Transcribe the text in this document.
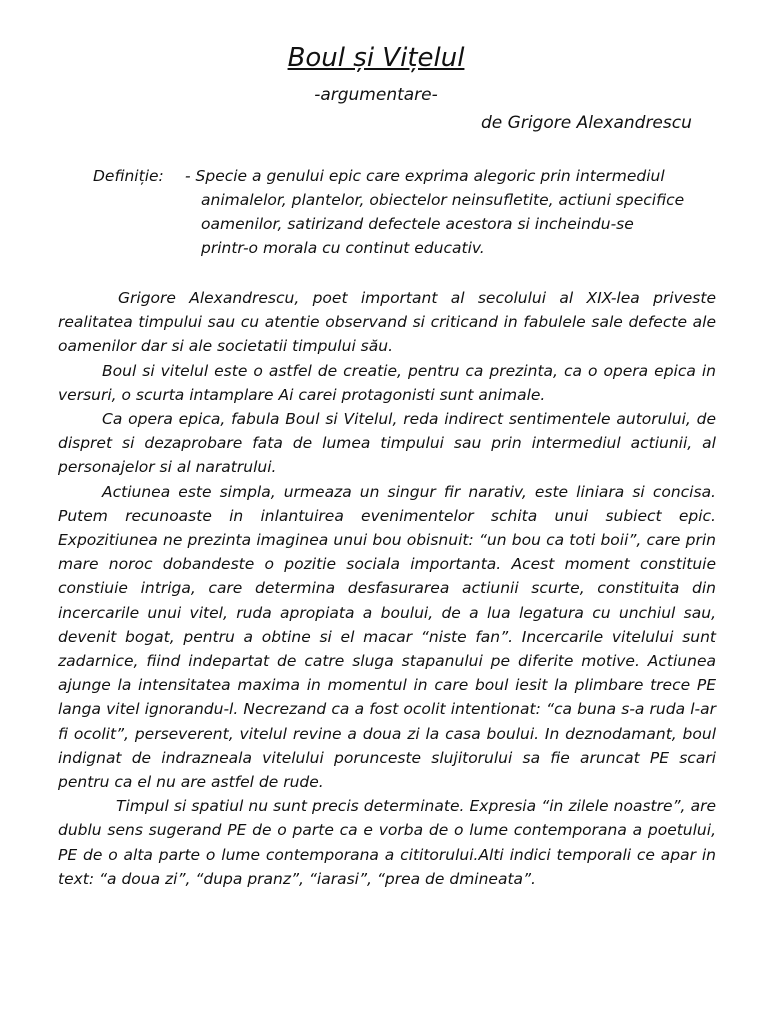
Boul și Vițelul
-argumentare-
de Grigore Alexandrescu
Definiție: - Specie a genului epic care exprima alegoric prin intermediul
animalelor, plantelor, obiectelor neinsufletite, actiuni specifice
oamenilor, satirizand defectele acestora si incheindu-se
printr-o morala cu continut educativ.

Grigore Alexandrescu, poet important al secolului al XIX-lea priveste realitatea timpului sau cu atentie observand si criticand in fabulele sale defecte ale oamenilor dar si ale societatii timpului său.

Boul si vitelul este o astfel de creatie, pentru ca prezinta, ca o opera epica in versuri, o scurta intamplare Ai carei protagonisti sunt animale.

Ca opera epica, fabula Boul si Vitelul, reda indirect sentimentele autorului, de dispret si dezaprobare fata de lumea timpului sau prin intermediul actiunii, al personajelor si al naratrului.

Actiunea este simpla, urmeaza un singur fir narativ, este liniara si concisa. Putem recunoaste in inlantuirea evenimentelor schita unui subiect epic. Expozitiunea ne prezinta imaginea unui bou obisnuit: “un bou ca toti boii”, care prin mare noroc dobandeste o pozitie sociala importanta. Acest moment constituie constiuie intriga, care determina desfasurarea actiunii scurte, constituita din incercarile unui vitel, ruda apropiata a boului, de a lua legatura cu unchiul sau, devenit bogat, pentru a obtine si el macar “niste fan”. Incercarile vitelului sunt zadarnice, fiind indepartat de catre sluga stapanului pe diferite motive. Actiunea ajunge la intensitatea maxima in momentul in care boul iesit la plimbare trece PE langa vitel ignorandu-l. Necrezand ca a fost ocolit intentionat: “ca buna s-a ruda l-ar fi ocolit”, perseverent, vitelul revine a doua zi la casa boului. In deznodamant, boul indignat de indrazneala vitelului porunceste slujitorului sa fie aruncat PE scari pentru ca el nu are astfel de rude.

Timpul si spatiul nu sunt precis determinate. Expresia “in zilele noastre”, are dublu sens sugerand PE de o parte ca e vorba de o lume contemporana a poetului, PE de o alta parte o lume contemporana a cititorului.Alti indici temporali ce apar in text: “a doua zi”, “dupa pranz”, “iarasi”, “prea de dmineata”.
